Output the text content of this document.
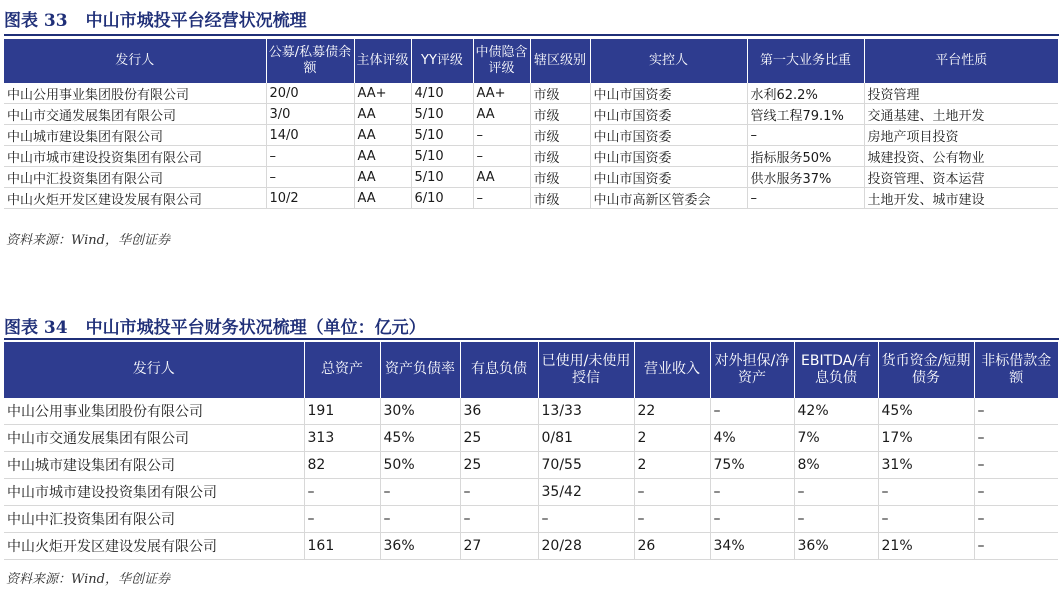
图表 33 中山市城投平台经营状况梳理
发行人	公募/私募债余额	主体评级	YY评级	中债隐含评级	辖区级别	实控人	第一大业务比重	平台性质
中山公用事业集团股份有限公司	20/0	AA+	4/10	AA+	市级	中山市国资委	水利62.2%	投资管理
中山市交通发展集团有限公司	3/0	AA	5/10	AA	市级	中山市国资委	管线工程79.1%	交通基建、土地开发
中山城市建设集团有限公司	14/0	AA	5/10	–	市级	中山市国资委	–	房地产项目投资
中山市城市建设投资集团有限公司	–	AA	5/10	–	市级	中山市国资委	指标服务50%	城建投资、公有物业
中山中汇投资集团有限公司	–	AA	5/10	AA	市级	中山市国资委	供水服务37%	投资管理、资本运营
中山火炬开发区建设发展有限公司	10/2	AA	6/10	–	市级	中山市高新区管委会	–	土地开发、城市建设
资料来源：Wind，华创证券
图表 34 中山市城投平台财务状况梳理（单位：亿元）
发行人	总资产	资产负债率	有息负债	已使用/未使用授信	营业收入	对外担保/净资产	EBITDA/有息负债	货币资金/短期债务	非标借款金额
中山公用事业集团股份有限公司	191	30%	36	13/33	22	–	42%	45%	–
中山市交通发展集团有限公司	313	45%	25	0/81	2	4%	7%	17%	–
中山城市建设集团有限公司	82	50%	25	70/55	2	75%	8%	31%	–
中山市城市建设投资集团有限公司	–	–	–	35/42	–	–	–	–	–
中山中汇投资集团有限公司	–	–	–	–	–	–	–	–	–
中山火炬开发区建设发展有限公司	161	36%	27	20/28	26	34%	36%	21%	–
资料来源：Wind，华创证券
